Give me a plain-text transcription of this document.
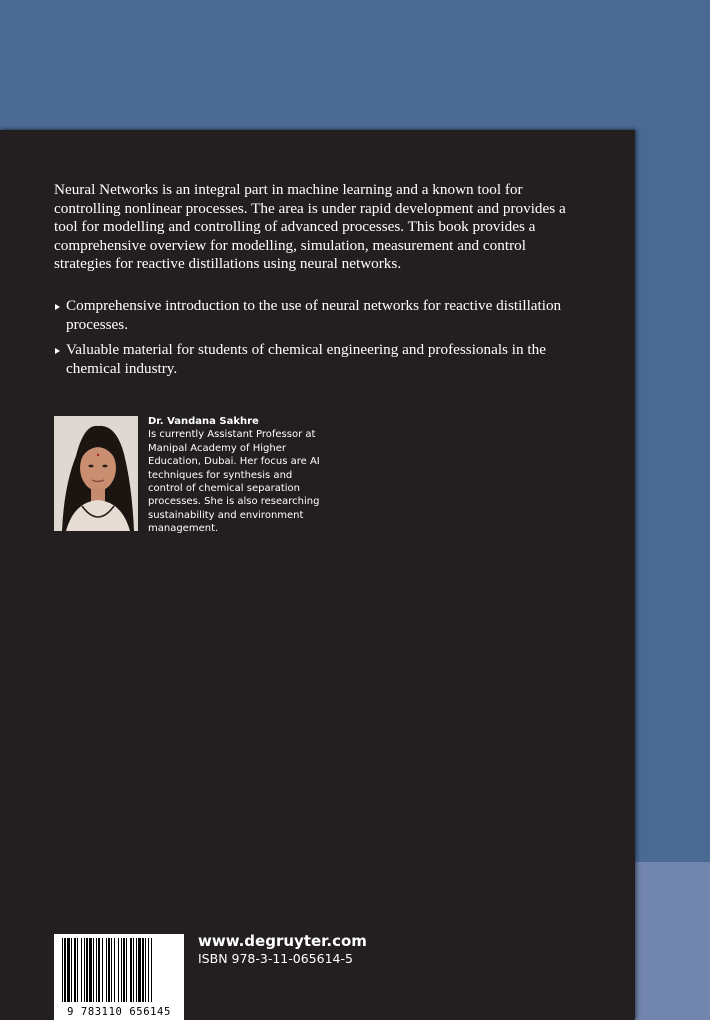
Neural Networks is an integral part in machine learning and a known tool for controlling nonlinear processes. The area is under rapid development and provides a tool for modelling and controlling of advanced processes. This book provides a comprehensive overview for modelling, simulation, measurement and control strategies for reactive distillations using neural networks.

Comprehensive introduction to the use of neural networks for reactive distillation processes.
Valuable material for students of chemical engineering and professionals in the chemical industry.
Dr. Vandana Sakhre
Is currently Assistant Professor at Manipal Academy of Higher Education, Dubai. Her focus are AI techniques for synthesis and control of chemical separation processes. She is also researching sustainability and environment management.
9 783110 656145
www.degruyter.com
ISBN 978-3-11-065614-5
